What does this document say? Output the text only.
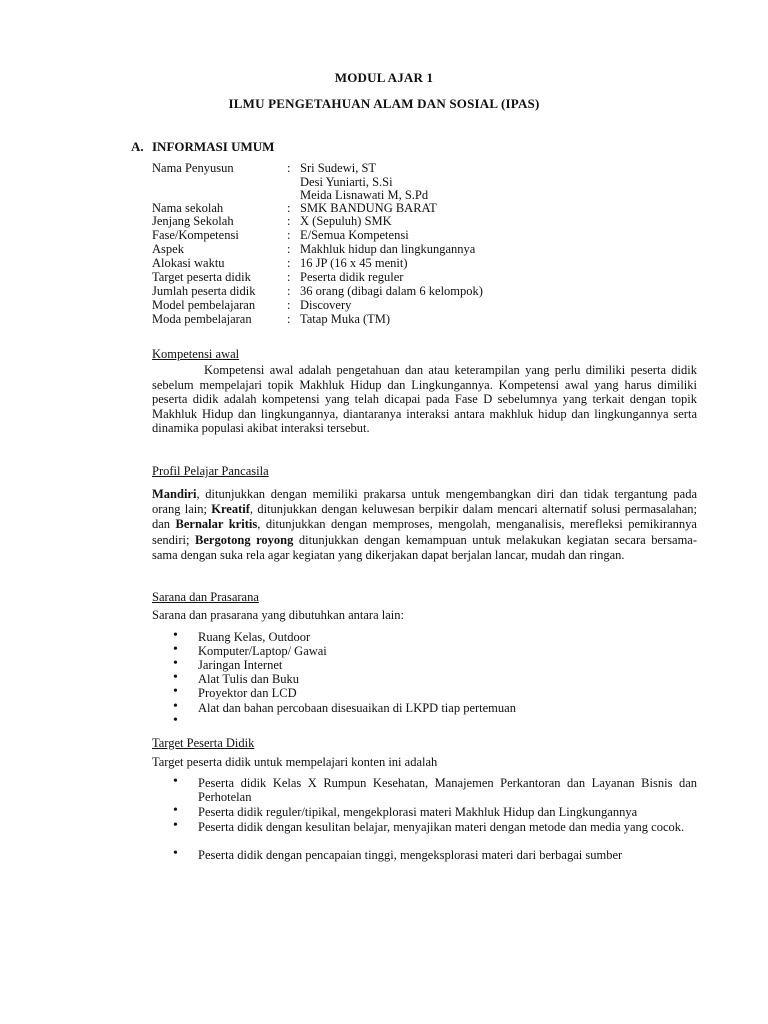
MODUL AJAR 1
ILMU PENGETAHUAN ALAM DAN SOSIAL (IPAS)
A. INFORMASI UMUM
Nama Penyusun	: Sri Sudewi, ST
Desi Yuniarti, S.Si
Meida Lisnawati M, S.Pd
Nama sekolah	: SMK BANDUNG BARAT
Jenjang Sekolah	: X (Sepuluh) SMK
Fase/Kompetensi	: E/Semua Kompetensi
Aspek	: Makhluk hidup dan lingkungannya
Alokasi waktu	: 16 JP (16 x 45 menit)
Target peserta didik	: Peserta didik reguler
Jumlah peserta didik	: 36 orang (dibagi dalam 6 kelompok)
Model pembelajaran	: Discovery
Moda pembelajaran	: Tatap Muka (TM)
Kompetensi awal
Kompetensi awal adalah pengetahuan dan atau keterampilan yang perlu dimiliki peserta didik sebelum mempelajari topik Makhluk Hidup dan Lingkungannya. Kompetensi awal yang harus dimiliki peserta didik adalah kompetensi yang telah dicapai pada Fase D sebelumnya yang terkait dengan topik Makhluk Hidup dan lingkungannya, diantaranya interaksi antara makhluk hidup dan lingkungannya serta dinamika populasi akibat interaksi tersebut.
Profil Pelajar Pancasila
Mandiri, ditunjukkan dengan memiliki prakarsa untuk mengembangkan diri dan tidak tergantung pada orang lain; Kreatif, ditunjukkan dengan keluwesan berpikir dalam mencari alternatif solusi permasalahan; dan Bernalar kritis, ditunjukkan dengan memproses, mengolah, menganalisis, merefleksi pemikirannya sendiri; Bergotong royong ditunjukkan dengan kemampuan untuk melakukan kegiatan secara bersama-sama dengan suka rela agar kegiatan yang dikerjakan dapat berjalan lancar, mudah dan ringan.
Sarana dan Prasarana
Sarana dan prasarana yang dibutuhkan antara lain:
• Ruang Kelas, Outdoor
• Komputer/Laptop/ Gawai
• Jaringan Internet
• Alat Tulis dan Buku
• Proyektor dan LCD
• Alat dan bahan percobaan disesuaikan di LKPD tiap pertemuan
•
Target Peserta Didik
Target peserta didik untuk mempelajari konten ini adalah
• Peserta didik Kelas X Rumpun Kesehatan, Manajemen Perkantoran dan Layanan Bisnis dan Perhotelan
• Peserta didik reguler/tipikal, mengekplorasi materi Makhluk Hidup dan Lingkungannya
• Peserta didik dengan kesulitan belajar, menyajikan materi dengan metode dan media yang cocok.
• Peserta didik dengan pencapaian tinggi, mengeksplorasi materi dari berbagai sumber
